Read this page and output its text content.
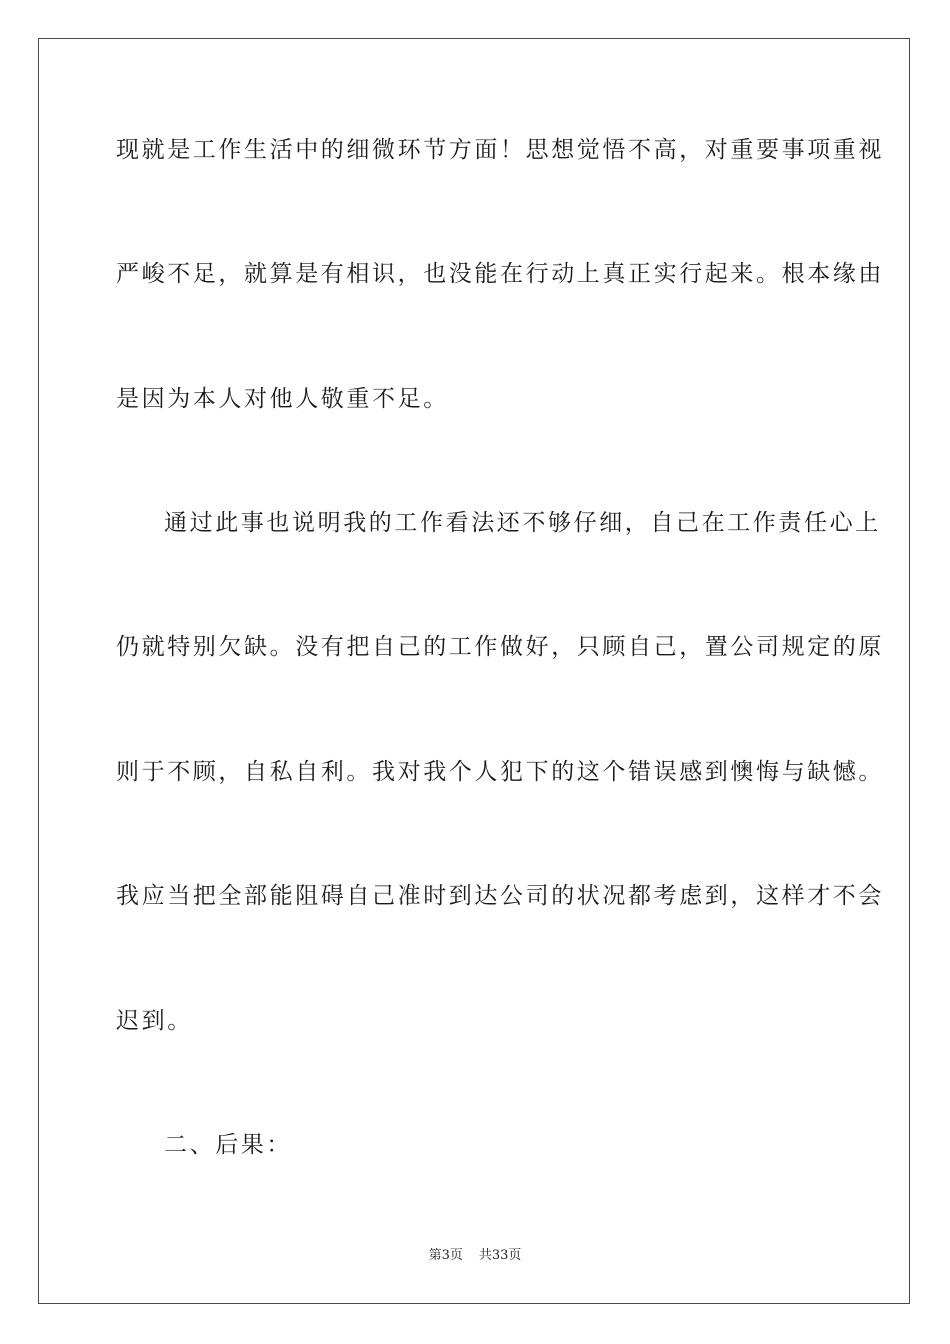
现就是工作生活中的细微环节方面！思想觉悟不高，对重要事项重视
严峻不足，就算是有相识，也没能在行动上真正实行起来。根本缘由
是因为本人对他人敬重不足。
通过此事也说明我的工作看法还不够仔细，自己在工作责任心上
仍就特别欠缺。没有把自己的工作做好，只顾自己，置公司规定的原
则于不顾，自私自利。我对我个人犯下的这个错误感到懊悔与缺憾。
我应当把全部能阻碍自己准时到达公司的状况都考虑到，这样才不会
迟到。
二、后果：
第3页 共33页
